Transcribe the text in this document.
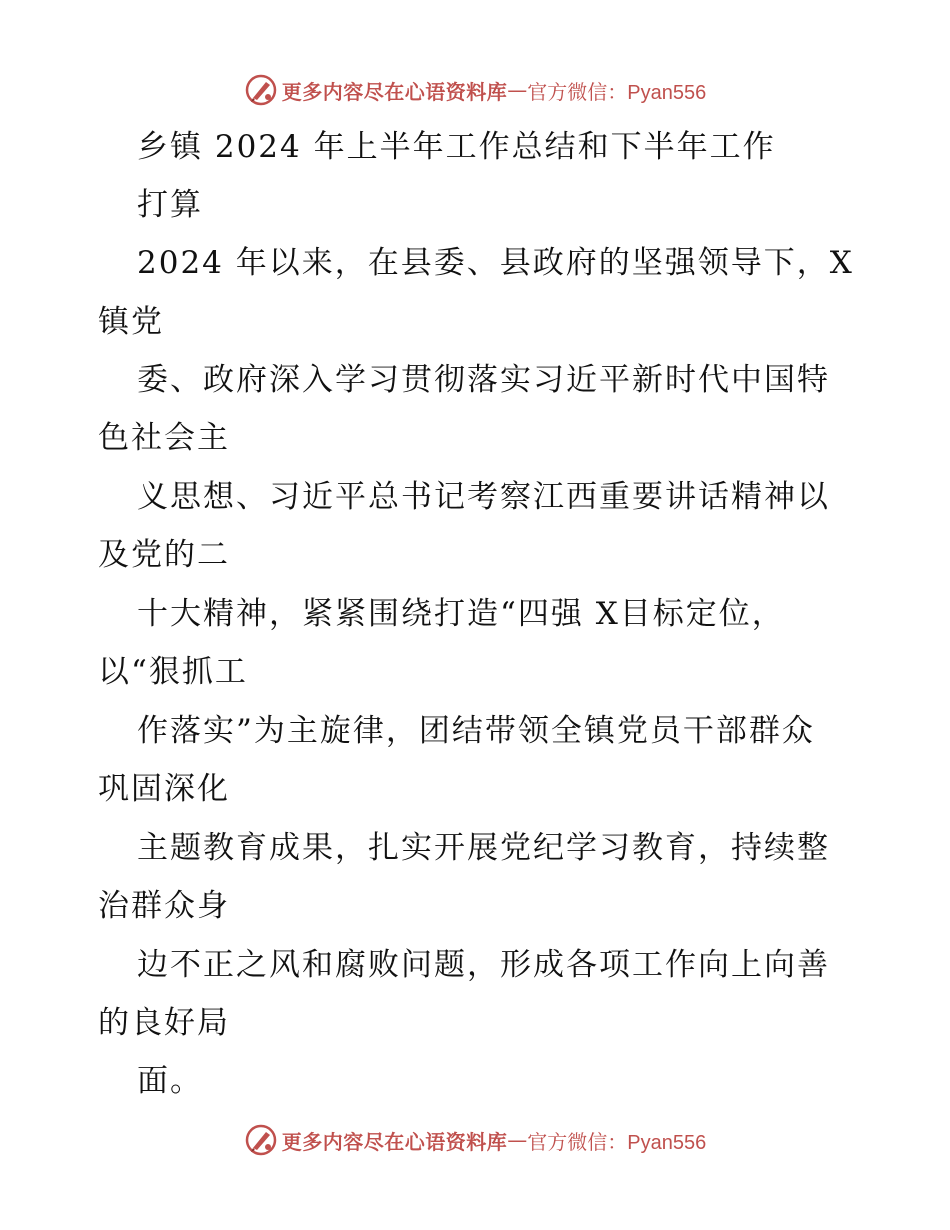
更多内容尽在心语资料库 — 官方微信：Pyan556
乡镇 2024 年上半年工作总结和下半年工作
打算
2024 年以来，在县委、县政府的坚强领导下，X
镇党
委、政府深入学习贯彻落实习近平新时代中国特
色社会主
义思想、习近平总书记考察江西重要讲话精神以
及党的二
十大精神，紧紧围绕打造“四强 X目标定位，
以“狠抓工
作落实”为主旋律，团结带领全镇党员干部群众
巩固深化
主题教育成果，扎实开展党纪学习教育，持续整
治群众身
边不正之风和腐败问题，形成各项工作向上向善
的良好局
面。
更多内容尽在心语资料库 — 官方微信：Pyan556
